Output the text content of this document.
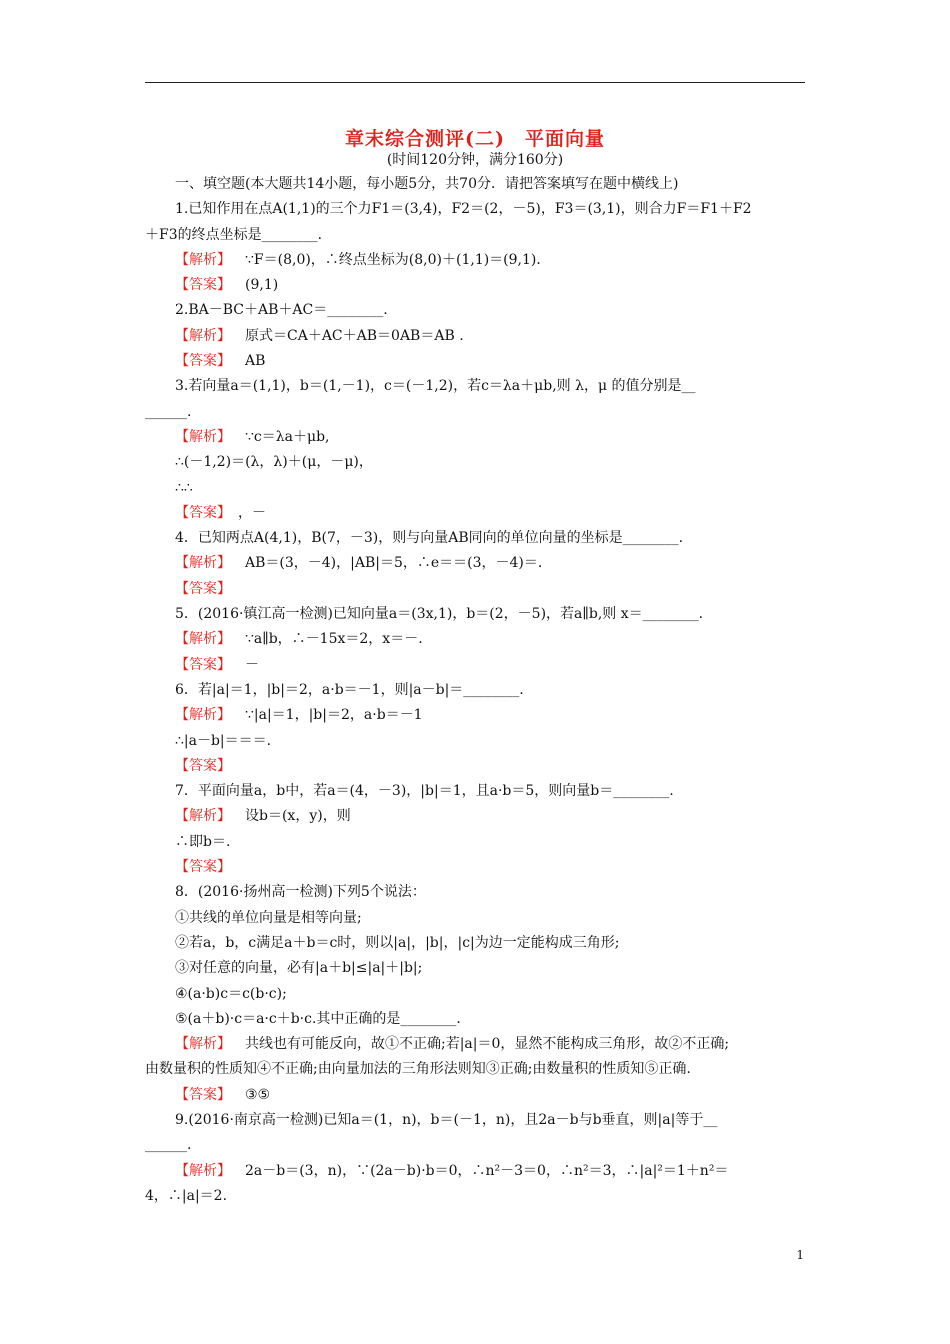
章末综合测评(二)　平面向量
(时间120分钟，满分160分)
一、填空题(本大题共14小题，每小题5分，共70分．请把答案填写在题中横线上)
1.已知作用在点A(1,1)的三个力F1＝(3,4)，F2＝(2，－5)，F3＝(3,1)，则合力F＝F1＋F2
＋F3的终点坐标是________．
【解析】 ∵F＝(8,0)，∴终点坐标为(8,0)＋(1,1)＝(9,1)．
【答案】 (9,1)
2.BA－BC＋AB＋AC＝________.
【解析】 原式＝CA＋AC＋AB＝0AB＝AB .
【答案】 AB
3.若向量a＝(1,1)，b＝(1,－1)，c＝(－1,2)，若c＝λa＋μb,则 λ，μ 的值分别是__
______.
【解析】 ∵c＝λa＋μb,
∴(－1,2)＝(λ，λ)＋(μ，－μ)，
∴∴
【答案】 ，－
4．已知两点A(4,1)，B(7，－3)，则与向量AB同向的单位向量的坐标是________.
【解析】 AB＝(3，－4)，|AB|＝5，∴e＝＝(3，－4)＝.
【答案】
5．(2016·镇江高一检测)已知向量a＝(3x,1)，b＝(2，－5)，若a∥b,则 x＝________.
【解析】 ∵a∥b，∴－15x＝2，x＝－.
【答案】 －
6．若|a|＝1，|b|＝2，a·b＝－1，则|a－b|＝________.
【解析】 ∵|a|＝1，|b|＝2，a·b＝－1
∴|a－b|＝＝＝.
【答案】
7．平面向量a，b中，若a＝(4，－3)，|b|＝1，且a·b＝5，则向量b＝________.
【解析】 设b＝(x，y)，则
∴即b＝.
【答案】
8．(2016·扬州高一检测)下列5个说法：
①共线的单位向量是相等向量;
②若a，b，c满足a＋b＝c时，则以|a|，|b|，|c|为边一定能构成三角形;
③对任意的向量，必有|a＋b|≤|a|＋|b|;
④(a·b)c＝c(b·c);
⑤(a＋b)·c＝a·c＋b·c.其中正确的是________.
【解析】 共线也有可能反向，故①不正确;若|a|＝0，显然不能构成三角形，故②不正确;
由数量积的性质知④不正确;由向量加法的三角形法则知③正确;由数量积的性质知⑤正确.
【答案】 ③⑤
9.(2016·南京高一检测)已知a＝(1，n)，b＝(－1，n)，且2a－b与b垂直，则|a|等于__
______.
【解析】 2a－b＝(3，n)，∵(2a－b)·b＝0，∴n²－3＝0，∴n²＝3，∴|a|²＝1＋n²＝
4，∴|a|＝2.
1
